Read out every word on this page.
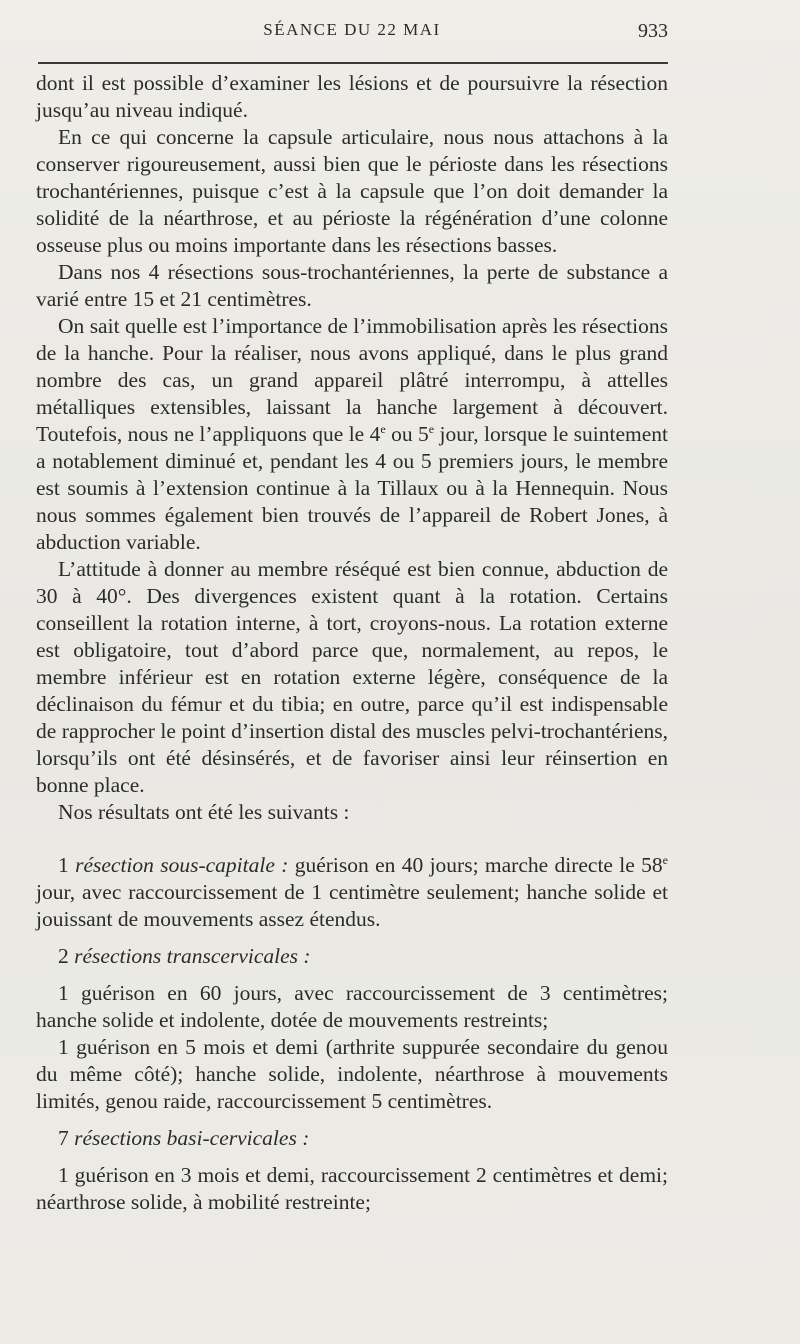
SÉANCE DU 22 MAI	933

dont il est possible d’examiner les lésions et de poursuivre la résection jusqu’au niveau indiqué.

En ce qui concerne la capsule articulaire, nous nous attachons à la conserver rigoureusement, aussi bien que le périoste dans les résections trochantériennes, puisque c’est à la capsule que l’on doit demander la solidité de la néarthrose, et au périoste la régénération d’une colonne osseuse plus ou moins importante dans les résections basses.

Dans nos 4 résections sous-trochantériennes, la perte de substance a varié entre 15 et 21 centimètres.

On sait quelle est l’importance de l’immobilisation après les résections de la hanche. Pour la réaliser, nous avons appliqué, dans le plus grand nombre des cas, un grand appareil plâtré interrompu, à attelles métalliques extensibles, laissant la hanche largement à découvert. Toutefois, nous ne l’appliquons que le 4e ou 5e jour, lorsque le suintement a notablement diminué et, pendant les 4 ou 5 premiers jours, le membre est soumis à l’extension continue à la Tillaux ou à la Hennequin. Nous nous sommes également bien trouvés de l’appareil de Robert Jones, à abduction variable.

L’attitude à donner au membre réséqué est bien connue, abduction de 30 à 40°. Des divergences existent quant à la rotation. Certains conseillent la rotation interne, à tort, croyons-nous. La rotation externe est obligatoire, tout d’abord parce que, normalement, au repos, le membre inférieur est en rotation externe légère, conséquence de la déclinaison du fémur et du tibia; en outre, parce qu’il est indispensable de rapprocher le point d’insertion distal des muscles pelvi-trochantériens, lorsqu’ils ont été désinsérés, et de favoriser ainsi leur réinsertion en bonne place.

Nos résultats ont été les suivants :

1 résection sous-capitale : guérison en 40 jours; marche directe le 58e jour, avec raccourcissement de 1 centimètre seulement; hanche solide et jouissant de mouvements assez étendus.

2 résections transcervicales :

1 guérison en 60 jours, avec raccourcissement de 3 centimètres; hanche solide et indolente, dotée de mouvements restreints;

1 guérison en 5 mois et demi (arthrite suppurée secondaire du genou du même côté); hanche solide, indolente, néarthrose à mouvements limités, genou raide, raccourcissement 5 centimètres.

7 résections basi-cervicales :

1 guérison en 3 mois et demi, raccourcissement 2 centimètres et demi; néarthrose solide, à mobilité restreinte;
